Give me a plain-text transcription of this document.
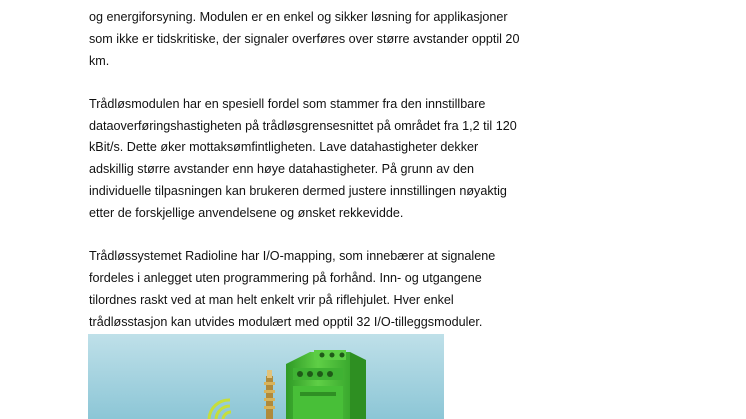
og energiforsyning. Modulen er en enkel og sikker løsning for applikasjoner
som ikke er tidskritiske, der signaler overføres over større avstander opptil 20
km.
Trådløsmodulen har en spesiell fordel som stammer fra den innstillbare
dataoverføringshastigheten på trådløsgrensesnittet på området fra 1,2 til 120
kBit/s. Dette øker mottaksømfintligheten. Lave datahastigheter dekker
adskillig større avstander enn høye datahastigheter. På grunn av den
individuelle tilpasningen kan brukeren dermed justere innstillingen nøyaktig
etter de forskjellige anvendelsene og ønsket rekkevidde.
Trådløssystemet Radioline har I/O-mapping, som innebærer at signalene
fordeles i anlegget uten programmering på forhånd. Inn- og utgangene
tilordnes raskt ved at man helt enkelt vrir på riflehjulet. Hver enkel
trådløsstasjon kan utvides modulært med opptil 32 I/O-tilleggsmoduler.
